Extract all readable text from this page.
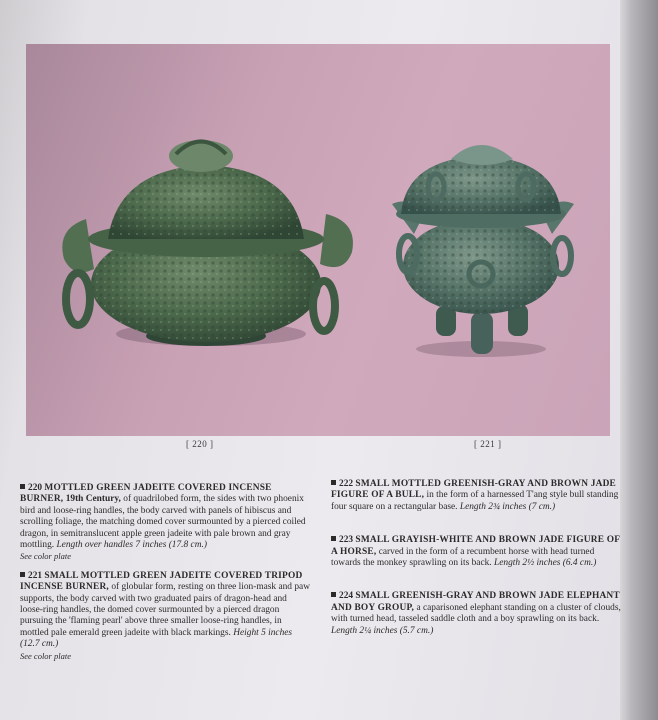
[ 220 ]	[ 221 ]

220 MOTTLED GREEN JADEITE COVERED INCENSE BURNER, 19th Century, of quadrilobed form, the sides with two phoenix bird and loose-ring handles, the body carved with panels of hibiscus and scrolling foliage, the matching domed cover surmounted by a pierced coiled dragon, in semitranslucent apple green jadeite with pale brown and gray mottling. Length over handles 7 inches (17.8 cm.)
See color plate

221 SMALL MOTTLED GREEN JADEITE COVERED TRIPOD INCENSE BURNER, of globular form, resting on three lion-mask and paw supports, the body carved with two graduated pairs of dragon-head and loose-ring handles, the domed cover surmounted by a pierced dragon pursuing the 'flaming pearl' above three smaller loose-ring handles, in mottled pale emerald green jadeite with black markings. Height 5 inches (12.7 cm.)
See color plate

222 SMALL MOTTLED GREENISH-GRAY AND BROWN JADE FIGURE OF A BULL, in the form of a harnessed T'ang style bull standing four square on a rectangular base. Length 2¾ inches (7 cm.)

223 SMALL GRAYISH-WHITE AND BROWN JADE FIGURE OF A HORSE, carved in the form of a recumbent horse with head turned towards the monkey sprawling on its back. Length 2½ inches (6.4 cm.)

224 SMALL GREENISH-GRAY AND BROWN JADE ELEPHANT AND BOY GROUP, a caparisoned elephant standing on a cluster of clouds, with turned head, tasseled saddle cloth and a boy sprawling on its back. Length 2¼ inches (5.7 cm.)
